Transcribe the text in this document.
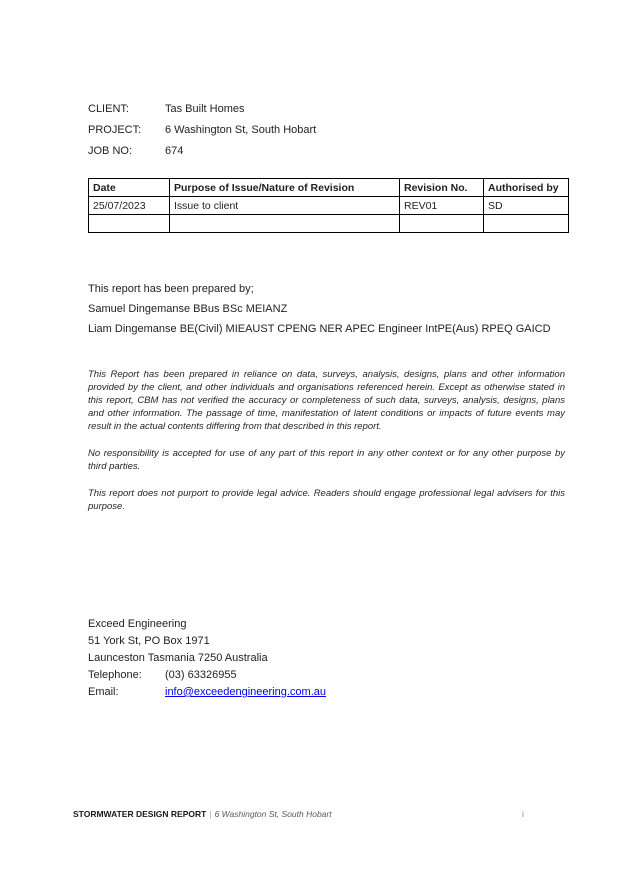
CLIENT:	Tas Built Homes
PROJECT:	6 Washington St, South Hobart
JOB NO:	674
Date	Purpose of Issue/Nature of Revision	Revision No.	Authorised by
25/07/2023	Issue to client	REV01	SD

This report has been prepared by;

Samuel Dingemanse BBus BSc MEIANZ

Liam Dingemanse BE(Civil) MIEAUST CPENG NER APEC Engineer IntPE(Aus) RPEQ GAICD

This Report has been prepared in reliance on data, surveys, analysis, designs, plans and other information provided by the client, and other individuals and organisations referenced herein. Except as otherwise stated in this report, CBM has not verified the accuracy or completeness of such data, surveys, analysis, designs, plans and other information. The passage of time, manifestation of latent conditions or impacts of future events may result in the actual contents differing from that described in this report.

No responsibility is accepted for use of any part of this report in any other context or for any other purpose by third parties.

This report does not purport to provide legal advice. Readers should engage professional legal advisers for this purpose.

Exceed Engineering
51 York St, PO Box 1971
Launceston Tasmania 7250 Australia
Telephone:	(03) 63326955
Email:	info@exceedengineering.com.au
STORMWATER DESIGN REPORT | 6 Washington St, South Hobart	i
